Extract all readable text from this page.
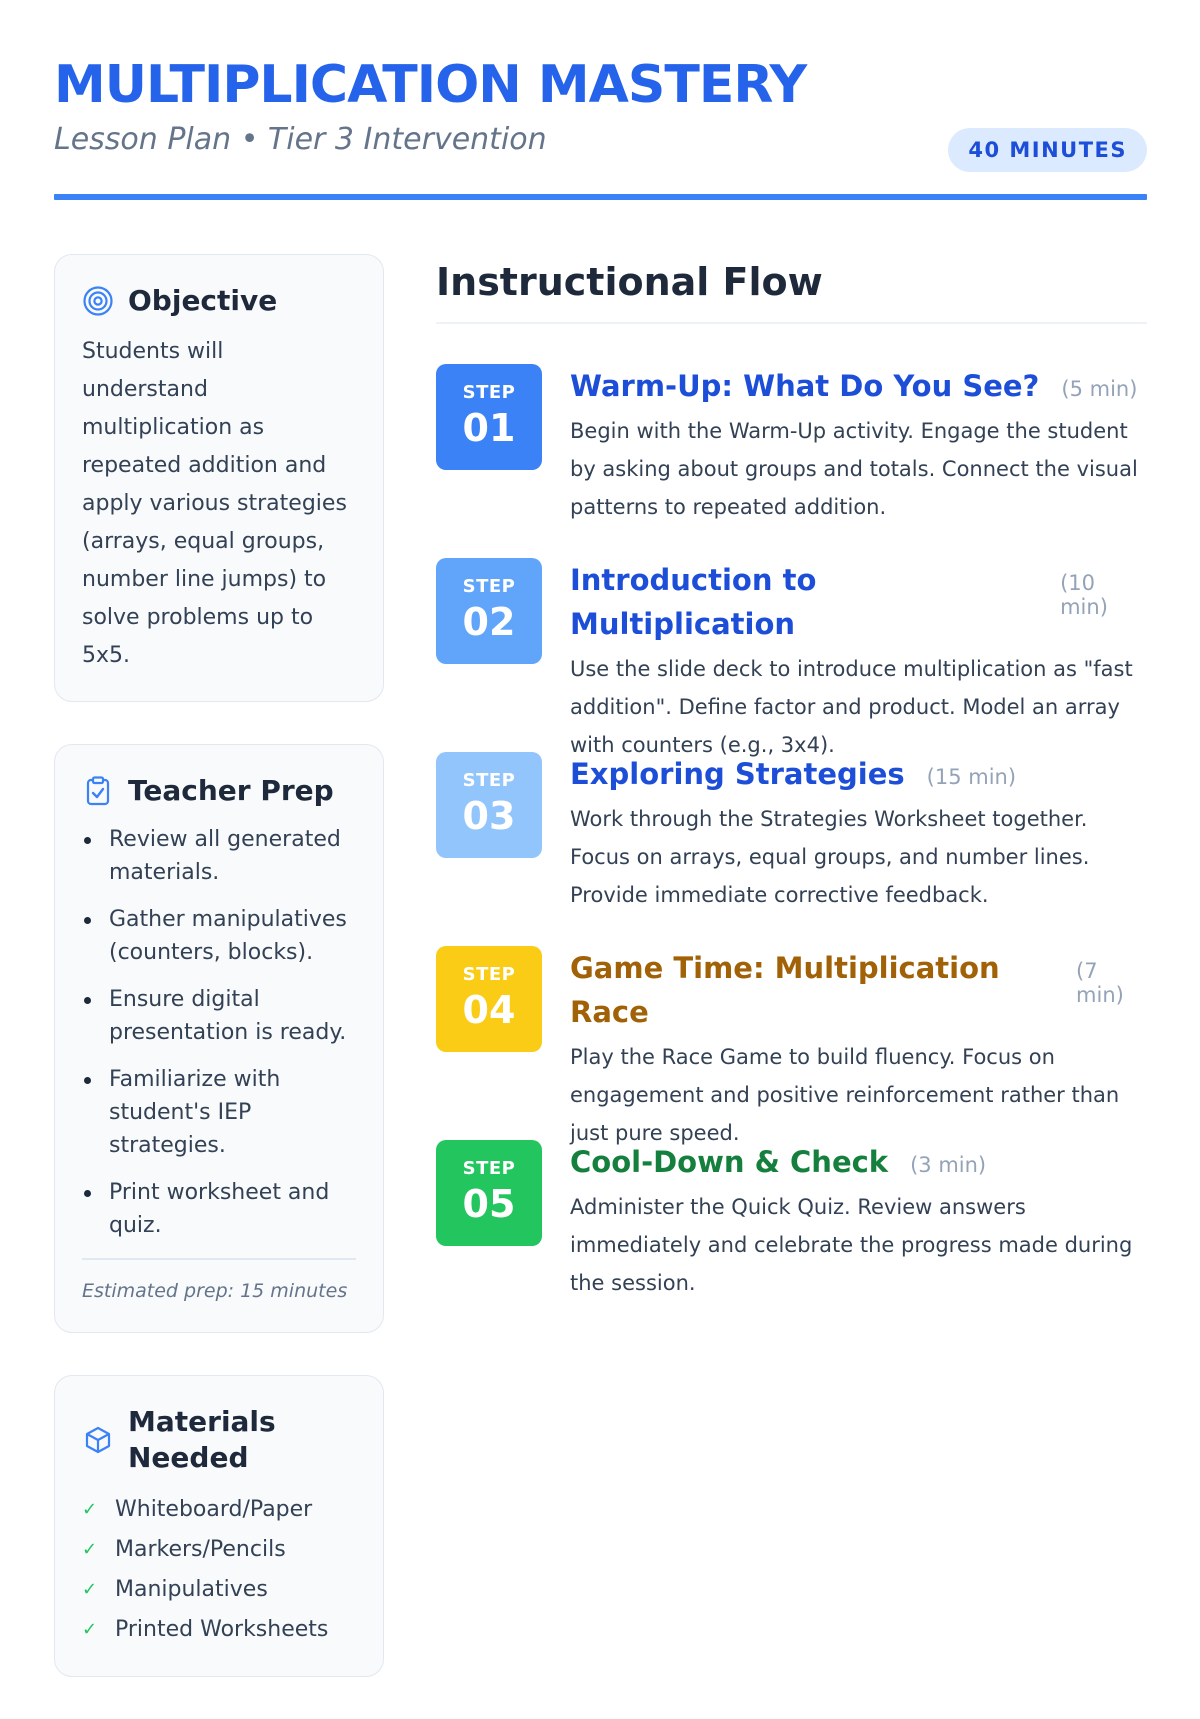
MULTIPLICATION MASTERY
Lesson Plan • Tier 3 Intervention	40 MINUTES
Objective
Students will understand multiplication as repeated addition and apply various strategies (arrays, equal groups, number line jumps) to solve problems up to 5x5.
Teacher Prep
Review all generated materials.
Gather manipulatives (counters, blocks).
Ensure digital presentation is ready.
Familiarize with student's IEP strategies.
Print worksheet and quiz.
Estimated prep: 15 minutes
Materials Needed
✓ Whiteboard/Paper
✓ Markers/Pencils
✓ Manipulatives
✓ Printed Worksheets
Instructional Flow
STEP
01
Warm-Up: What Do You See? (5 min)
Begin with the Warm-Up activity. Engage the student by asking about groups and totals. Connect the visual patterns to repeated addition.
STEP
02
Introduction to Multiplication
(10 min)
Use the slide deck to introduce multiplication as "fast addition". Define factor and product. Model an array with counters (e.g., 3x4).
STEP
03
Exploring Strategies (15 min)
Work through the Strategies Worksheet together. Focus on arrays, equal groups, and number lines. Provide immediate corrective feedback.
STEP
04
Game Time: Multiplication Race
(7 min)
Play the Race Game to build fluency. Focus on engagement and positive reinforcement rather than just pure speed.
STEP
05
Cool-Down & Check (3 min)
Administer the Quick Quiz. Review answers immediately and celebrate the progress made during the session.
